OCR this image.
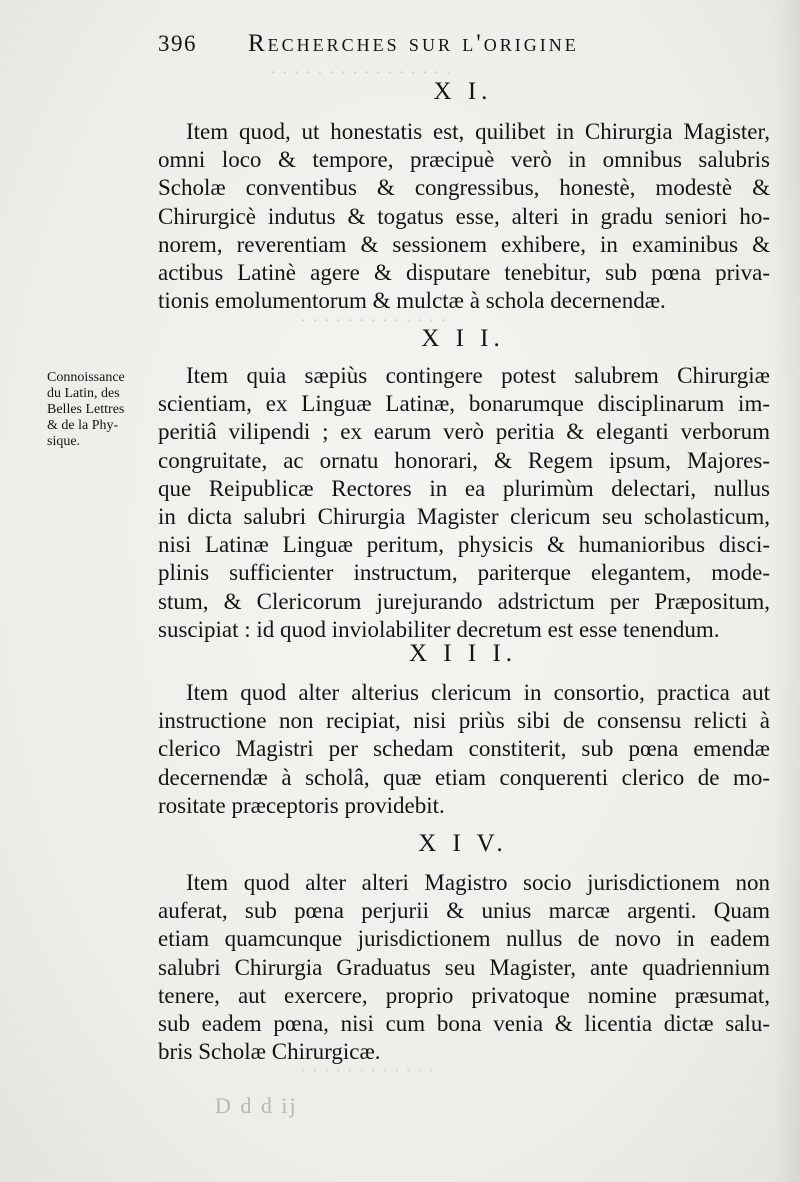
· · · · · · · · · · · · · · · ·
· · · · · · · · · · · · ·
· · · · · · · · · · · ·
396 Recherches sur l'origine
X I.
Item quod, ut honestatis est, quilibet in Chirurgia Magister,
omni loco & tempore, præcipuè verò in omnibus salubris
Scholæ conventibus & congressibus, honestè, modestè &
Chirurgicè indutus & togatus esse, alteri in gradu seniori ho-
norem, reverentiam & sessionem exhibere, in examinibus &
actibus Latinè agere & disputare tenebitur, sub pœna priva-
tionis emolumentorum & mulctæ à schola decernendæ.
X I I.
Item quia sæpiùs contingere potest salubrem Chirurgiæ
scientiam, ex Linguæ Latinæ, bonarumque disciplinarum im-
peritiâ vilipendi ; ex earum verò peritia & eleganti verborum
congruitate, ac ornatu honorari, & Regem ipsum, Majores-
que Reipublicæ Rectores in ea plurimùm delectari, nullus
in dicta salubri Chirurgia Magister clericum seu scholasticum,
nisi Latinæ Linguæ peritum, physicis & humanioribus disci-
plinis sufficienter instructum, pariterque elegantem, mode-
stum, & Clericorum jurejurando adstrictum per Præpositum,
suscipiat : id quod inviolabiliter decretum est esse tenendum.
Connoissance
du Latin, des
Belles Lettres
& de la Phy-
sique.
X I I I.
Item quod alter alterius clericum in consortio, practica aut
instructione non recipiat, nisi priùs sibi de consensu relicti à
clerico Magistri per schedam constiterit, sub pœna emendæ
decernendæ à scholâ, quæ etiam conquerenti clerico de mo-
rositate præceptoris providebit.
X I V.
Item quod alter alteri Magistro socio jurisdictionem non
auferat, sub pœna perjurii & unius marcæ argenti. Quam
etiam quamcunque jurisdictionem nullus de novo in eadem
salubri Chirurgia Graduatus seu Magister, ante quadriennium
tenere, aut exercere, proprio privatoque nomine præsumat,
sub eadem pœna, nisi cum bona venia & licentia dictæ salu-
bris Scholæ Chirurgicæ.
D d d ij
